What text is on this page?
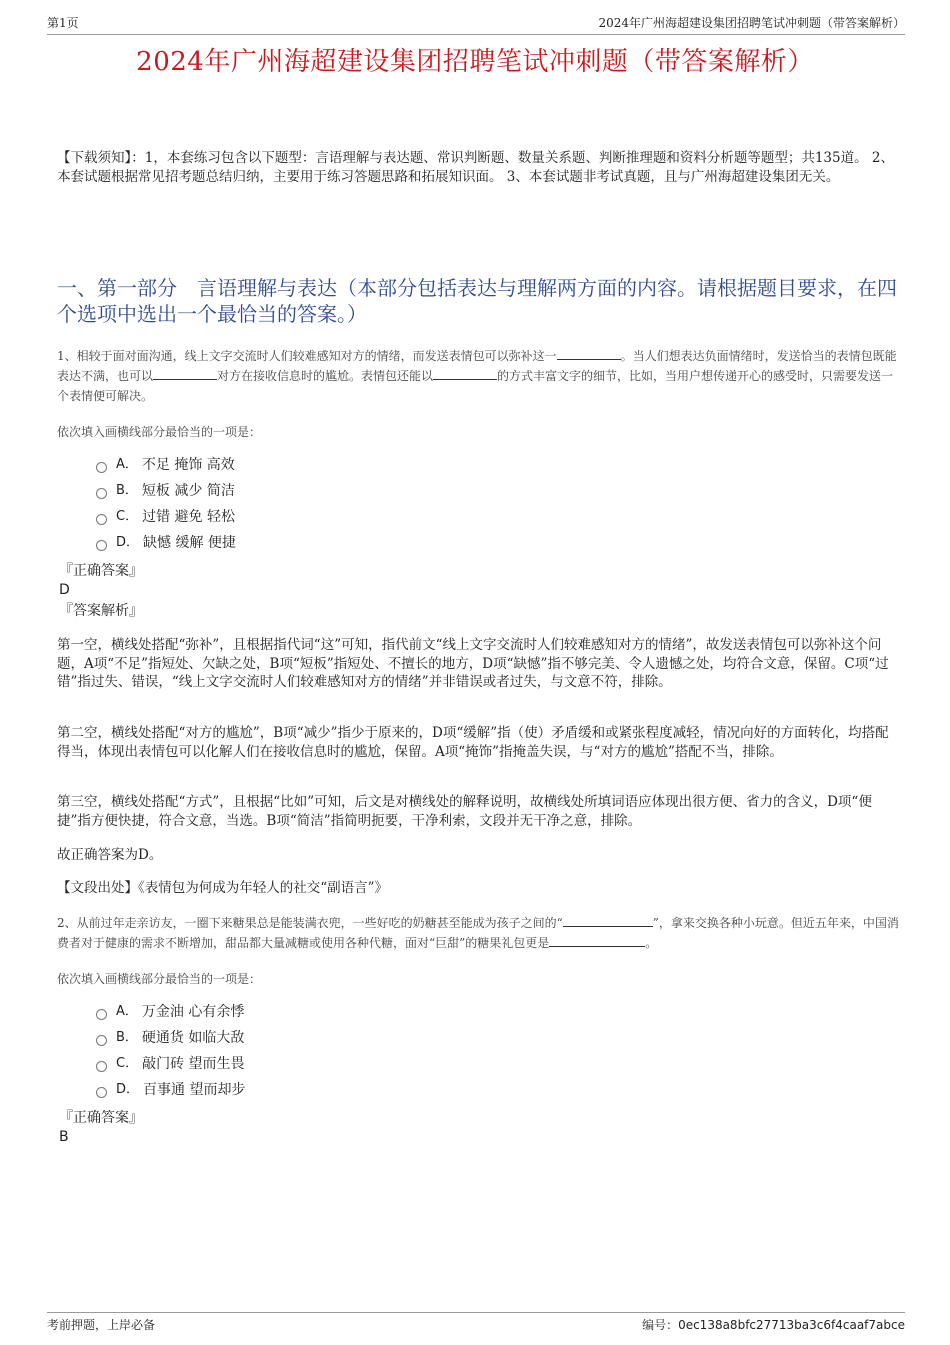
第1页	2024年广州海超建设集团招聘笔试冲刺题（带答案解析）
2024年广州海超建设集团招聘笔试冲刺题（带答案解析）
【下载须知】：1，本套练习包含以下题型：言语理解与表达题、常识判断题、数量关系题、判断推理题和资料分析题等题型；共135道。 2、本套试题根据常见招考题总结归纳，主要用于练习答题思路和拓展知识面。 3、本套试题非考试真题，且与广州海超建设集团无关。
一、第一部分　言语理解与表达（本部分包括表达与理解两方面的内容。请根据题目要求，在四个选项中选出一个最恰当的答案。）
1、相较于面对面沟通，线上文字交流时人们较难感知对方的情绪，而发送表情包可以弥补这一	。当人们想表达负面情绪时，发送恰当的表情包既能表达不满，也可以	对方在接收信息时的尴尬。表情包还能以	的方式丰富文字的细节，比如，当用户想传递开心的感受时，只需要发送一个表情便可解决。
依次填入画横线部分最恰当的一项是：
A． 不足 掩饰 高效
B． 短板 减少 简洁
C． 过错 避免 轻松
D． 缺憾 缓解 便捷
『正确答案』
D
『答案解析』
第一空，横线处搭配“弥补”，且根据指代词“这”可知，指代前文“线上文字交流时人们较难感知对方的情绪”，故发送表情包可以弥补这个问题，A项“不足”指短处、欠缺之处，B项“短板”指短处、不擅长的地方，D项“缺憾”指不够完美、令人遗憾之处，均符合文意，保留。C项“过错”指过失、错误，“线上文字交流时人们较难感知对方的情绪”并非错误或者过失，与文意不符，排除。
第二空，横线处搭配“对方的尴尬”，B项“减少”指少于原来的，D项“缓解”指（使）矛盾缓和或紧张程度减轻，情况向好的方面转化，均搭配得当，体现出表情包可以化解人们在接收信息时的尴尬，保留。A项“掩饰”指掩盖失误，与“对方的尴尬”搭配不当，排除。
第三空，横线处搭配“方式”，且根据“比如”可知，后文是对横线处的解释说明，故横线处所填词语应体现出很方便、省力的含义，D项“便捷”指方便快捷，符合文意，当选。B项“简洁”指简明扼要，干净利索，文段并无干净之意，排除。
故正确答案为D。
【文段出处】《表情包为何成为年轻人的社交“副语言”》
2、从前过年走亲访友，一圈下来糖果总是能装满衣兜，一些好吃的奶糖甚至能成为孩子之间的“	”，拿来交换各种小玩意。但近五年来，中国消费者对于健康的需求不断增加，甜品都大量减糖或使用各种代糖，面对“巨甜”的糖果礼包更是	。
依次填入画横线部分最恰当的一项是：
A． 万金油 心有余悸
B． 硬通货 如临大敌
C． 敲门砖 望而生畏
D． 百事通 望而却步
『正确答案』
B
考前押题，上岸必备	编号：0ec138a8bfc27713ba3c6f4caaf7abce
